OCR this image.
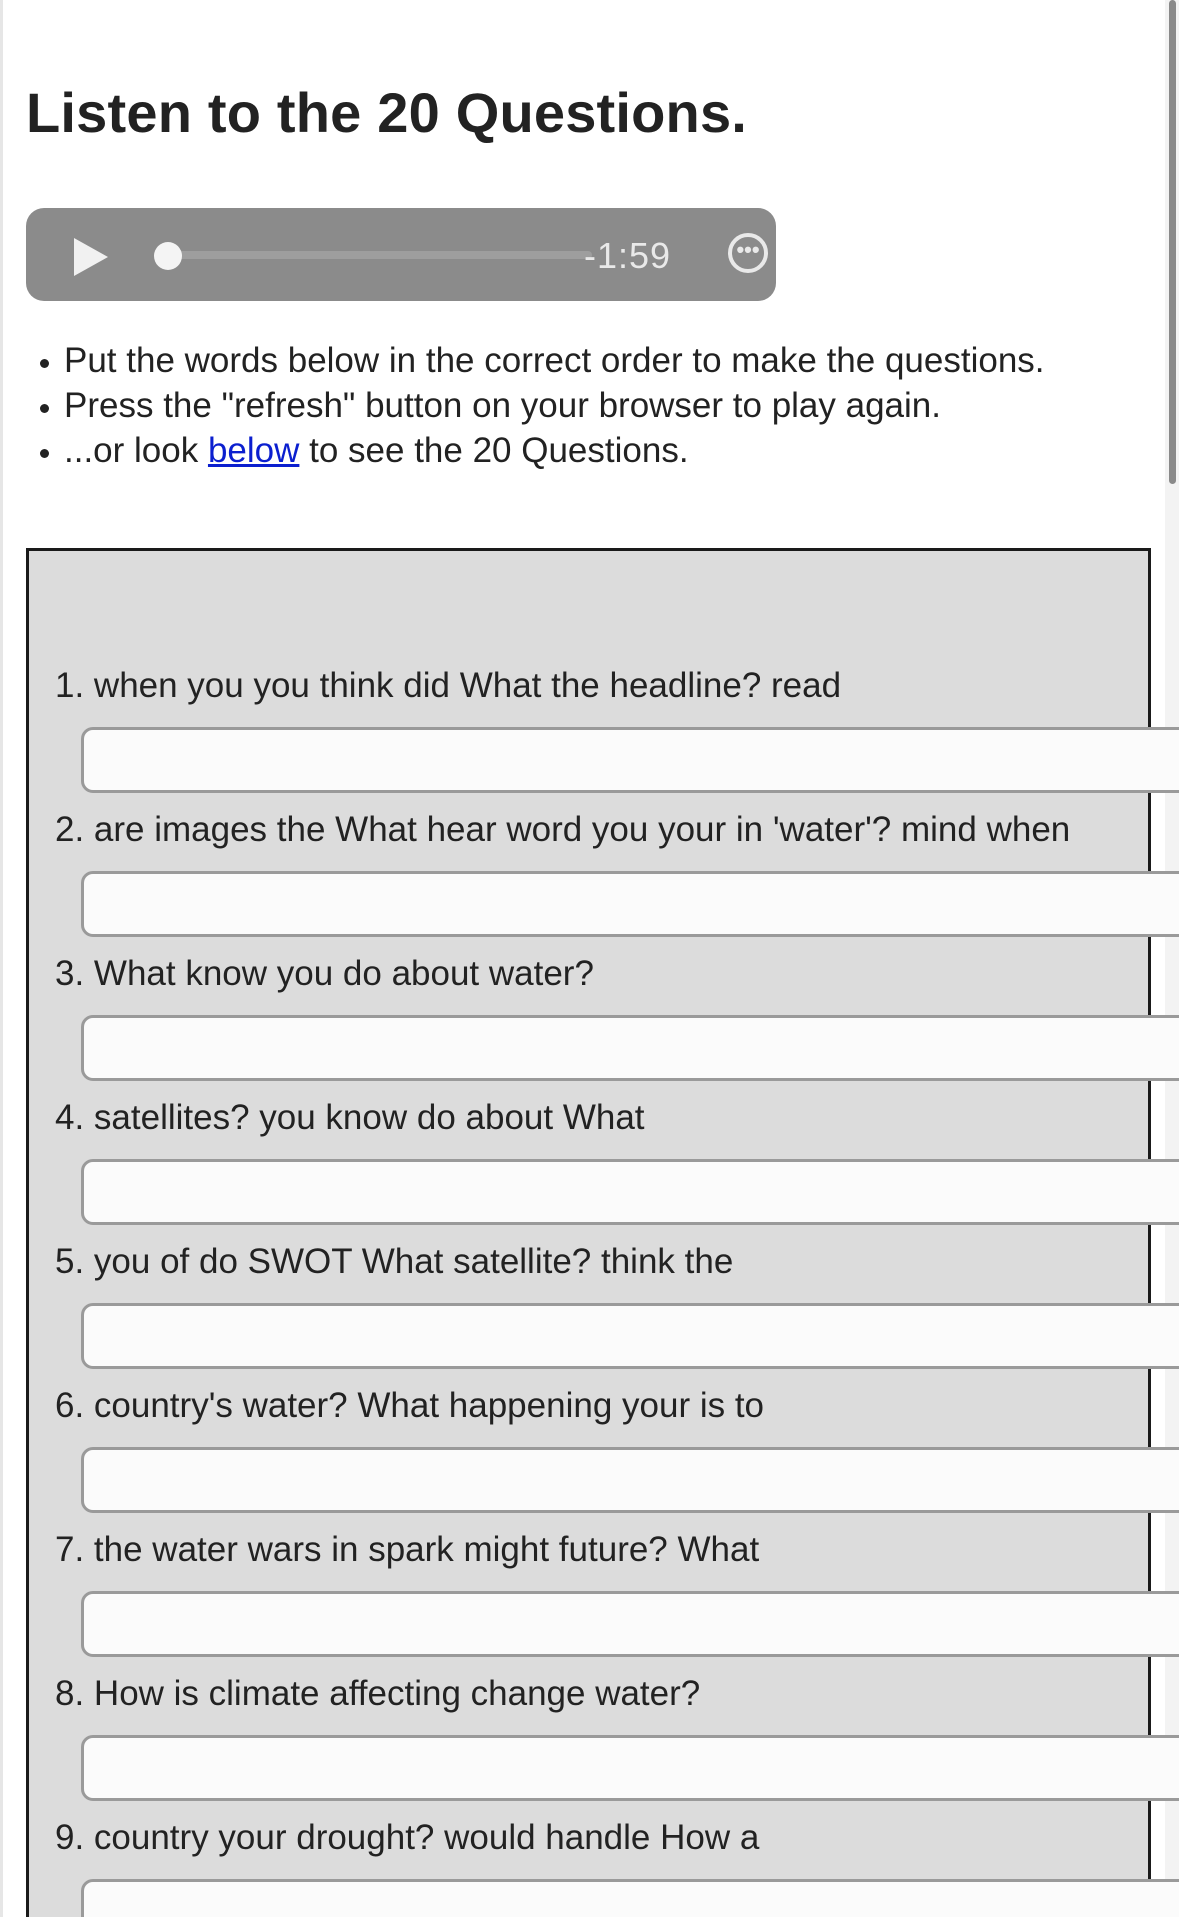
Listen to the 20 Questions.
-1:59	•••
• Put the words below in the correct order to make the questions.
• Press the "refresh" button on your browser to play again.
• ...or look below to see the 20 Questions.
1. when you you think did What the headline? read
2. are images the What hear word you your in 'water'? mind when
3. What know you do about water?
4. satellites? you know do about What
5. you of do SWOT What satellite? think the
6. country's water? What happening your is to
7. the water wars in spark might future? What
8. How is climate affecting change water?
9. country your drought? would handle How a
